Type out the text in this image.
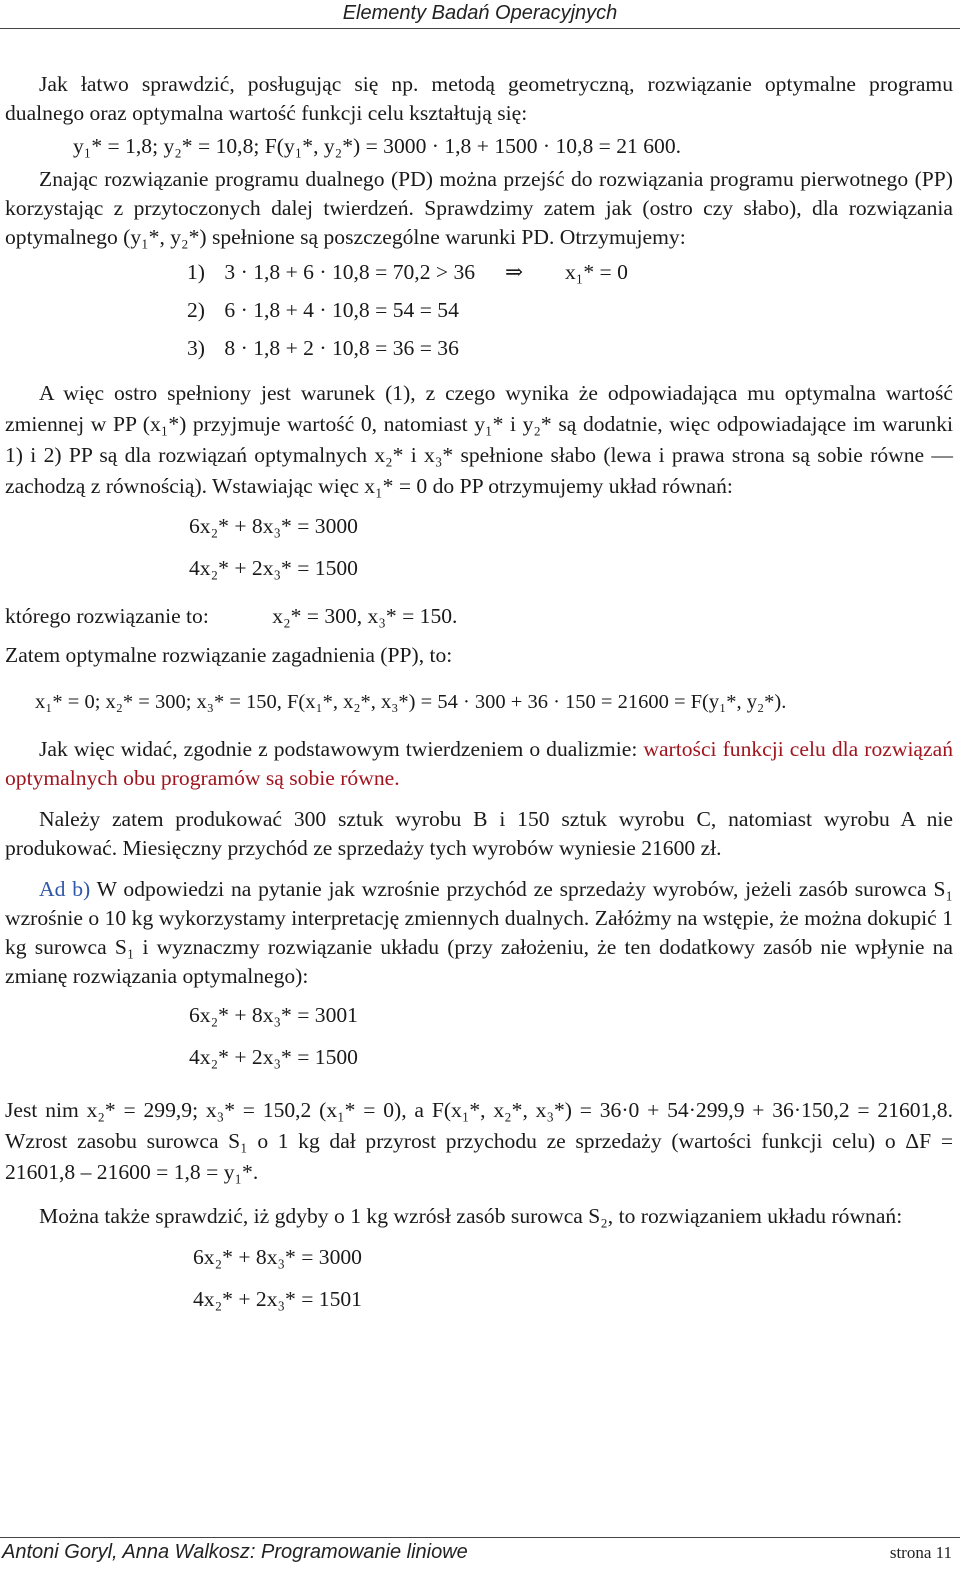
Elementy Badań Operacyjnych

Jak łatwo sprawdzić, posługując się np. metodą geometryczną, rozwiązanie optymalne programu dualnego oraz optymalna wartość funkcji celu kształtują się:

y₁* = 1,8; y₂* = 10,8; F(y₁*, y₂*) = 3000 · 1,8 + 1500 · 10,8 = 21 600.

Znając rozwiązanie programu dualnego (PD) można przejść do rozwiązania programu pierwotnego (PP) korzystając z przytoczonych dalej twierdzeń. Sprawdzimy zatem jak (ostro czy słabo), dla rozwiązania optymalnego (y₁*, y₂*) spełnione są poszczególne warunki PD. Otrzymujemy:

1) 3 · 1,8 + 6 · 10,8 = 70,2 > 36 ⇒ x₁* = 0
2) 6 · 1,8 + 4 · 10,8 = 54 = 54
3) 8 · 1,8 + 2 · 10,8 = 36 = 36

A więc ostro spełniony jest warunek (1), z czego wynika że odpowiadająca mu optymalna wartość zmiennej w PP (x₁*) przyjmuje wartość 0, natomiast y₁* i y₂* są dodatnie, więc odpowiadające im warunki 1) i 2) PP są dla rozwiązań optymalnych x₂* i x₃* spełnione słabo (lewa i prawa strona są sobie równe — zachodzą z równością). Wstawiając więc x₁* = 0 do PP otrzymujemy układ równań:

6x₂* + 8x₃* = 3000
4x₂* + 2x₃* = 1500

którego rozwiązanie to:	x₂* = 300, x₃* = 150.

Zatem optymalne rozwiązanie zagadnienia (PP), to:

x₁* = 0; x₂* = 300; x₃* = 150, F(x₁*, x₂*, x₃*) = 54 · 300 + 36 · 150 = 21600 = F(y₁*, y₂*).

Jak więc widać, zgodnie z podstawowym twierdzeniem o dualizmie: wartości funkcji celu dla rozwiązań optymalnych obu programów są sobie równe.

Należy zatem produkować 300 sztuk wyrobu B i 150 sztuk wyrobu C, natomiast wyrobu A nie produkować. Miesięczny przychód ze sprzedaży tych wyrobów wyniesie 21600 zł.

Ad b) W odpowiedzi na pytanie jak wzrośnie przychód ze sprzedaży wyrobów, jeżeli zasób surowca S₁ wzrośnie o 10 kg wykorzystamy interpretację zmiennych dualnych. Załóżmy na wstępie, że można dokupić 1 kg surowca S₁ i wyznaczmy rozwiązanie układu (przy założeniu, że ten dodatkowy zasób nie wpłynie na zmianę rozwiązania optymalnego):

6x₂* + 8x₃* = 3001
4x₂* + 2x₃* = 1500

Jest nim x₂* = 299,9; x₃* = 150,2 (x₁* = 0), a F(x₁*, x₂*, x₃*) = 36·0 + 54·299,9 + 36·150,2 = 21601,8. Wzrost zasobu surowca S₁ o 1 kg dał przyrost przychodu ze sprzedaży (wartości funkcji celu) o ΔF = 21601,8 – 21600 = 1,8 = y₁*.

Można także sprawdzić, iż gdyby o 1 kg wzrósł zasób surowca S₂, to rozwiązaniem układu równań:

6x₂* + 8x₃* = 3000
4x₂* + 2x₃* = 1501
Antoni Goryl, Anna Walkosz: Programowanie liniowe	strona 11
